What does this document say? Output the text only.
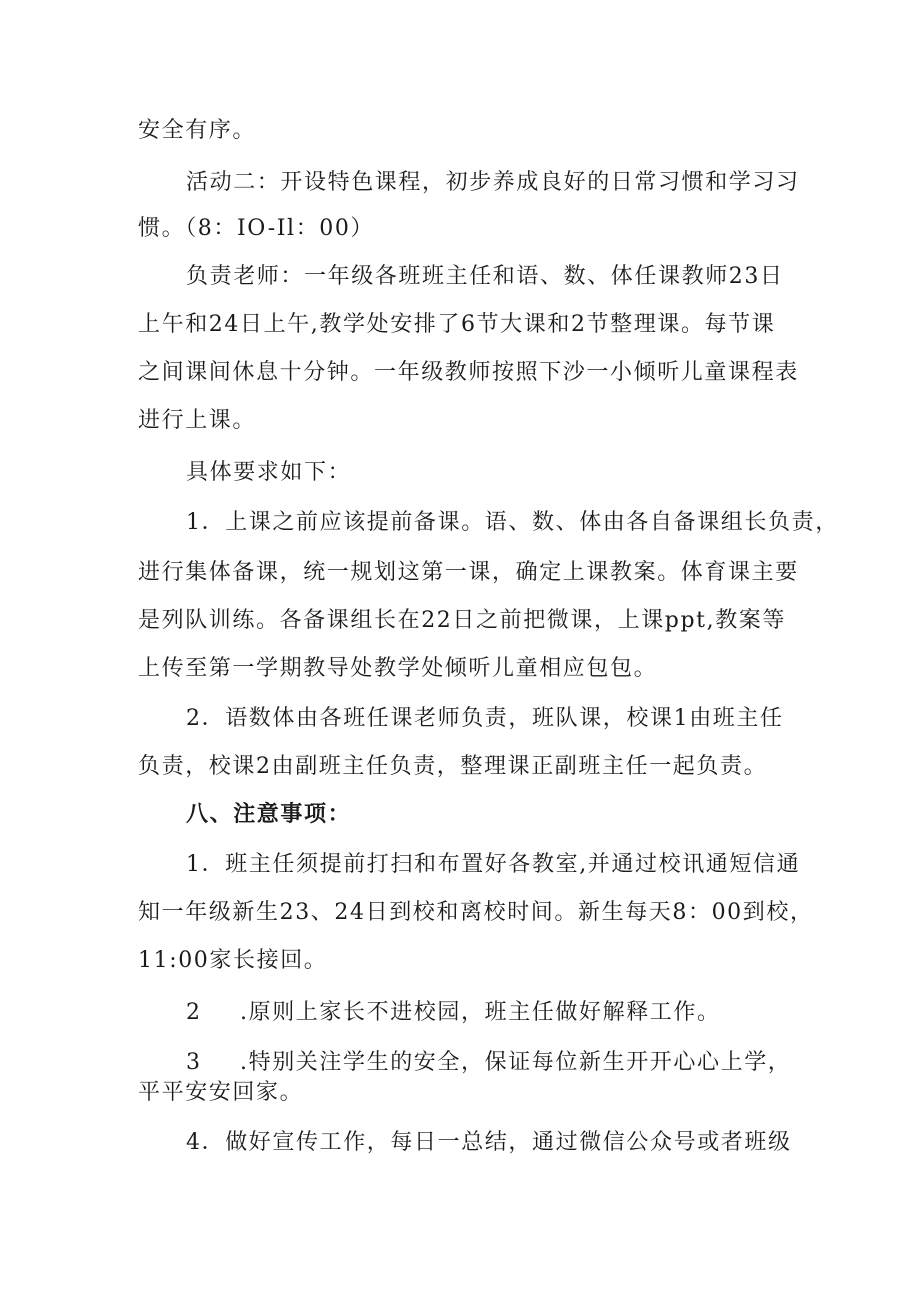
安全有序。
活动二：开设特色课程，初步养成良好的日常习惯和学习习
惯。（8：IO-Il：00）
负责老师：一年级各班班主任和语、数、体任课教师23日
上午和24日上午,教学处安排了6节大课和2节整理课。每节课
之间课间休息十分钟。一年级教师按照下沙一小倾听儿童课程表
进行上课。
具体要求如下：
1．上课之前应该提前备课。语、数、体由各自备课组长负责，
进行集体备课，统一规划这第一课，确定上课教案。体育课主要
是列队训练。各备课组长在22日之前把微课，上课ppt,教案等
上传至第一学期教导处教学处倾听儿童相应包包。
2．语数体由各班任课老师负责，班队课，校课1由班主任
负责，校课2由副班主任负责，整理课正副班主任一起负责。
八、注意事项：
1．班主任须提前打扫和布置好各教室,并通过校讯通短信通
知一年级新生23、24日到校和离校时间。新生每天8：00到校，
11:00家长接回。
2 .原则上家长不进校园，班主任做好解释工作。
3 .特别关注学生的安全，保证每位新生开开心心上学，
平平安安回家。
4．做好宣传工作，每日一总结，通过微信公众号或者班级
